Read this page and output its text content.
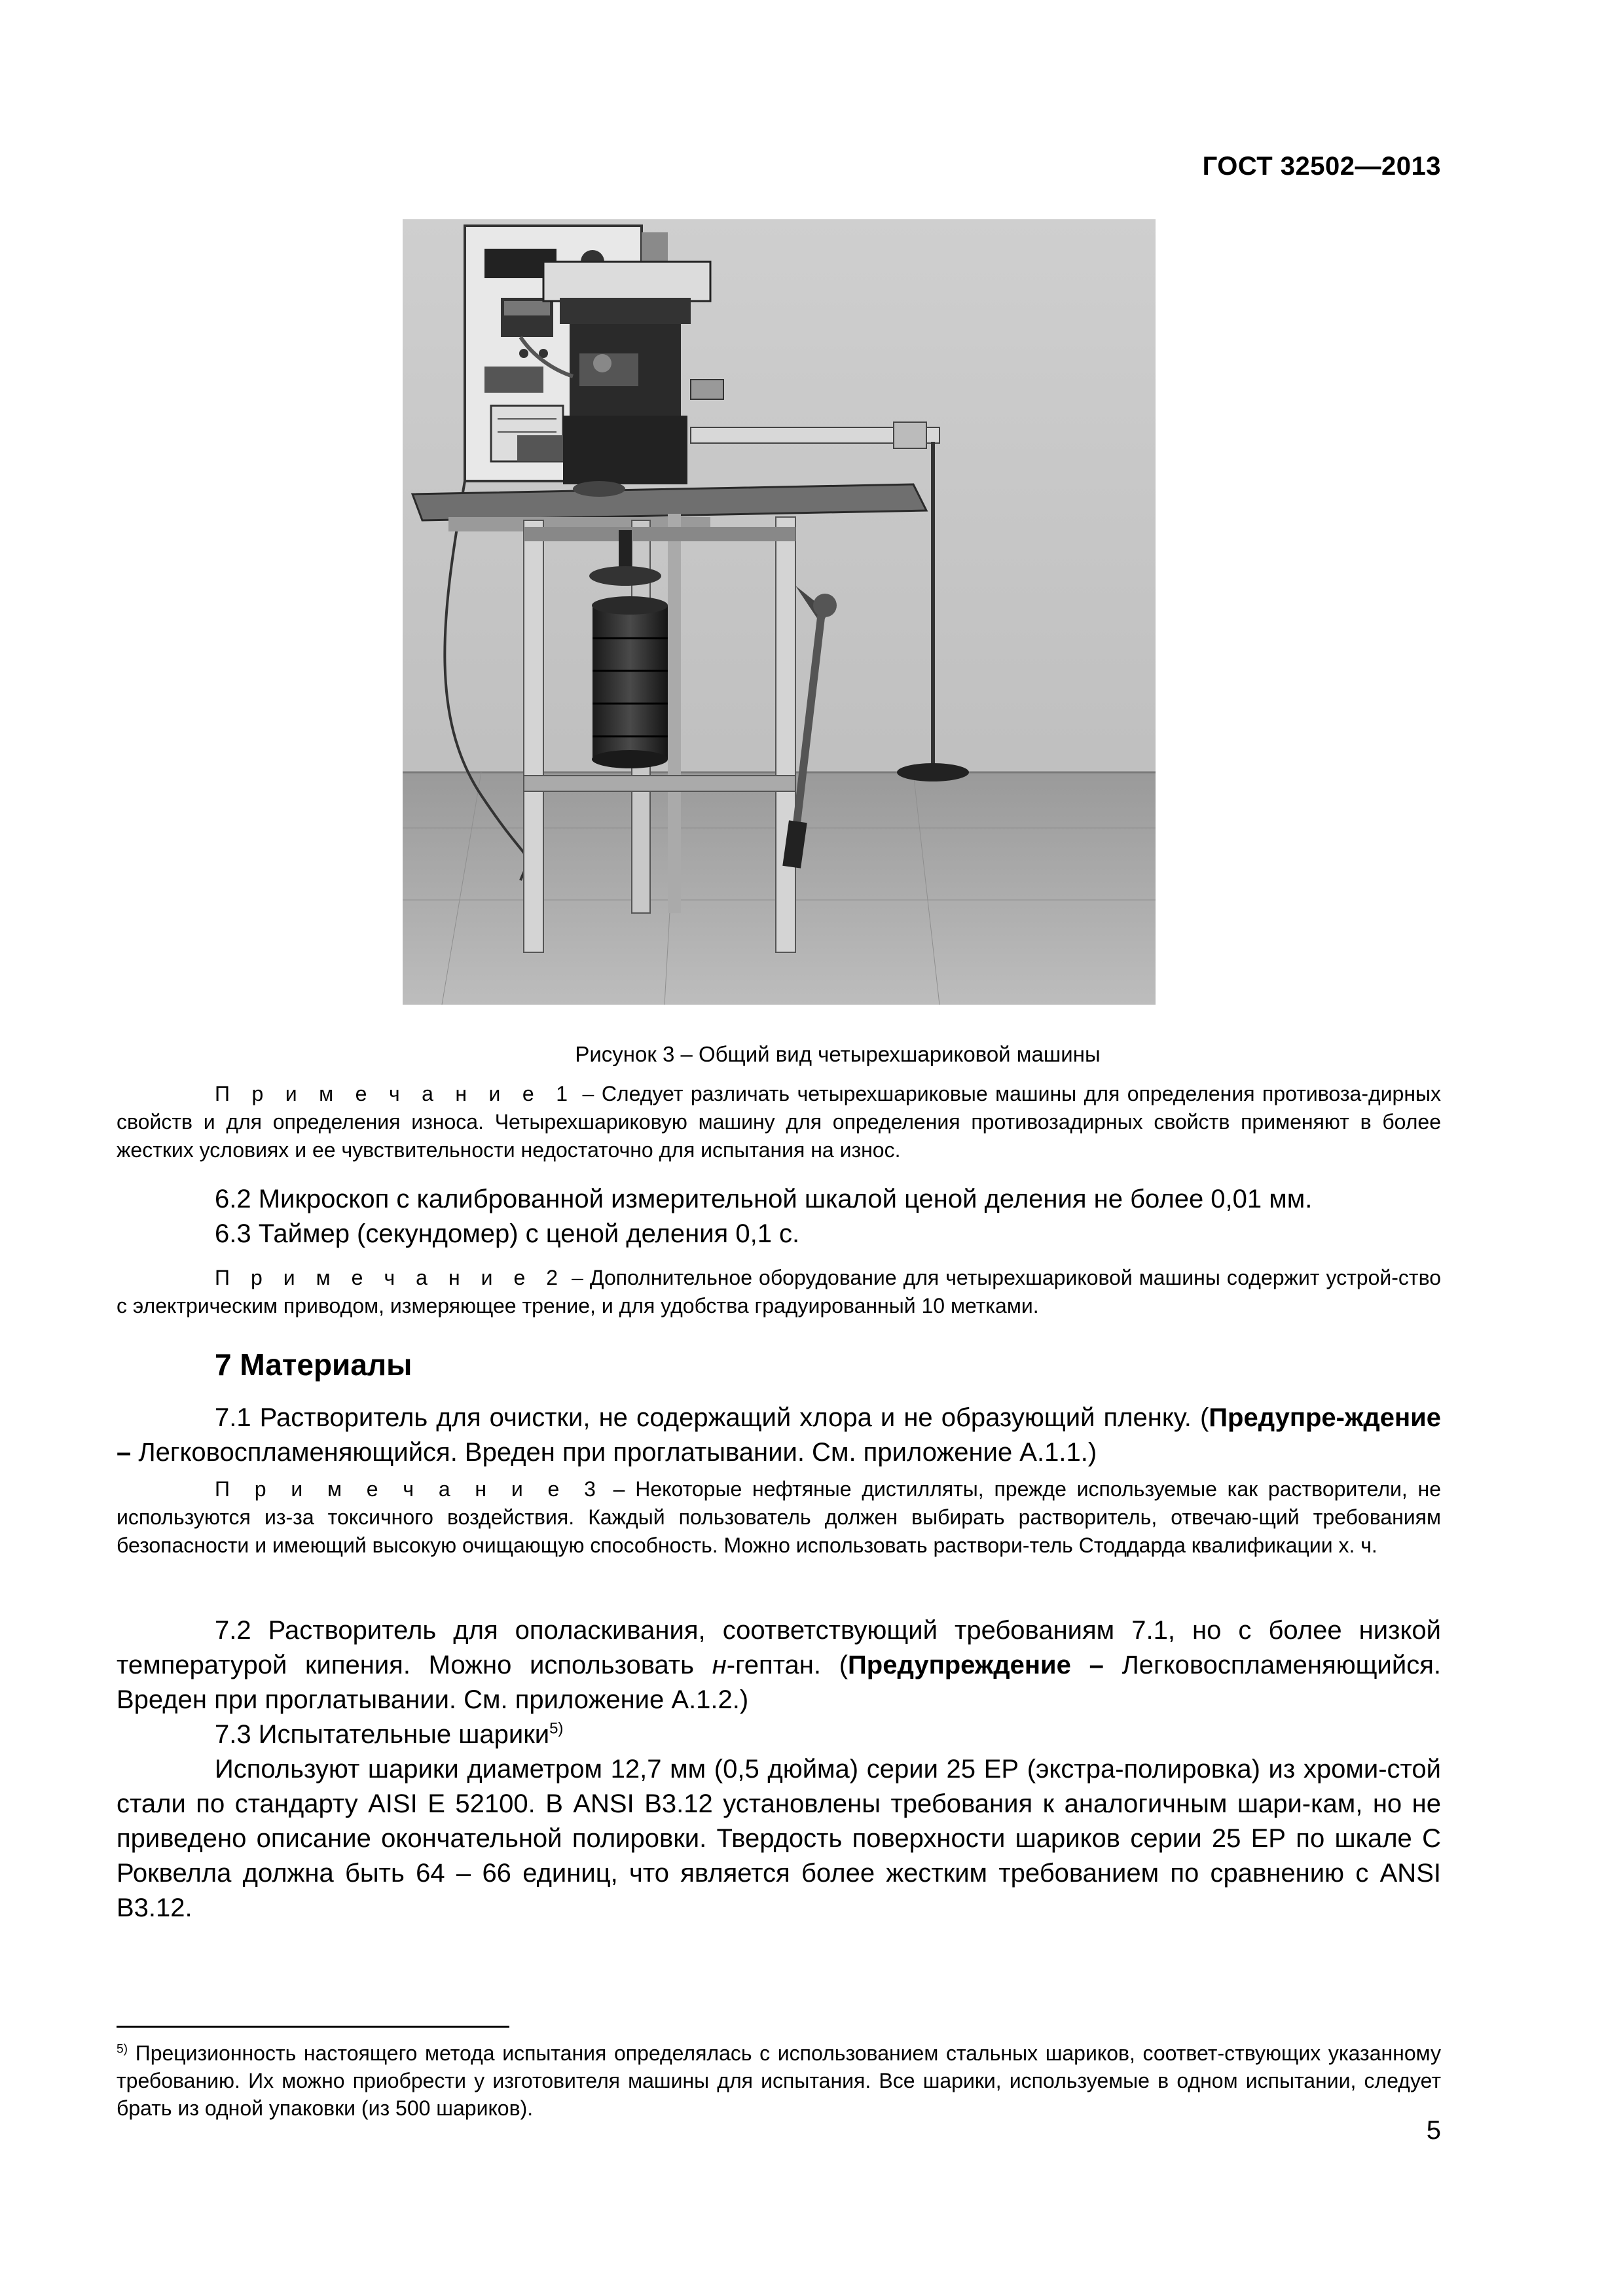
ГОСТ 32502—2013
Рисунок 3 – Общий вид четырехшариковой машины

П р и м е ч а н и е 1 – Следует различать четырехшариковые машины для определения противоза-дирных свойств и для определения износа. Четырехшариковую машину для определения противозадирных свойств применяют в более жестких условиях и ее чувствительности недостаточно для испытания на износ.

6.2 Микроскоп с калиброванной измерительной шкалой ценой деления не более 0,01 мм.

6.3 Таймер (секундомер) с ценой деления 0,1 с.

П р и м е ч а н и е 2 – Дополнительное оборудование для четырехшариковой машины содержит устрой-ство с электрическим приводом, измеряющее трение, и для удобства градуированный 10 метками.

7 Материалы

7.1 Растворитель для очистки, не содержащий хлора и не образующий пленку. (Предупре-ждение – Легковоспламеняющийся. Вреден при проглатывании. См. приложение А.1.1.)

П р и м е ч а н и е 3 – Некоторые нефтяные дистилляты, прежде используемые как растворители, не используются из-за токсичного воздействия. Каждый пользователь должен выбирать растворитель, отвечаю-щий требованиям безопасности и имеющий высокую очищающую способность. Можно использовать раствори-тель Стоддарда квалификации х. ч.

7.2 Растворитель для ополаскивания, соответствующий требованиям 7.1, но с более низкой температурой кипения. Можно использовать н-гептан. (Предупреждение – Легковоспламеняющийся. Вреден при проглатывании. См. приложение А.1.2.)

7.3 Испытательные шарики$^{5)}$

Используют шарики диаметром 12,7 мм (0,5 дюйма) серии 25 ЕР (экстра-полировка) из хроми-стой стали по стандарту AISI E 52100. В ANSI B3.12 установлены требования к аналогичным шари-кам, но не приведено описание окончательной полировки. Твердость поверхности шариков серии 25 ЕР по шкале С Роквелла должна быть 64 – 66 единиц, что является более жестким требованием по сравнению с ANSI B3.12.

$^{5)}$ Прецизионность настоящего метода испытания определялась с использованием стальных шариков, соответ-ствующих указанному требованию. Их можно приобрести у изготовителя машины для испытания. Все шарики, используемые в одном испытании, следует брать из одной упаковки (из 500 шариков).

5
